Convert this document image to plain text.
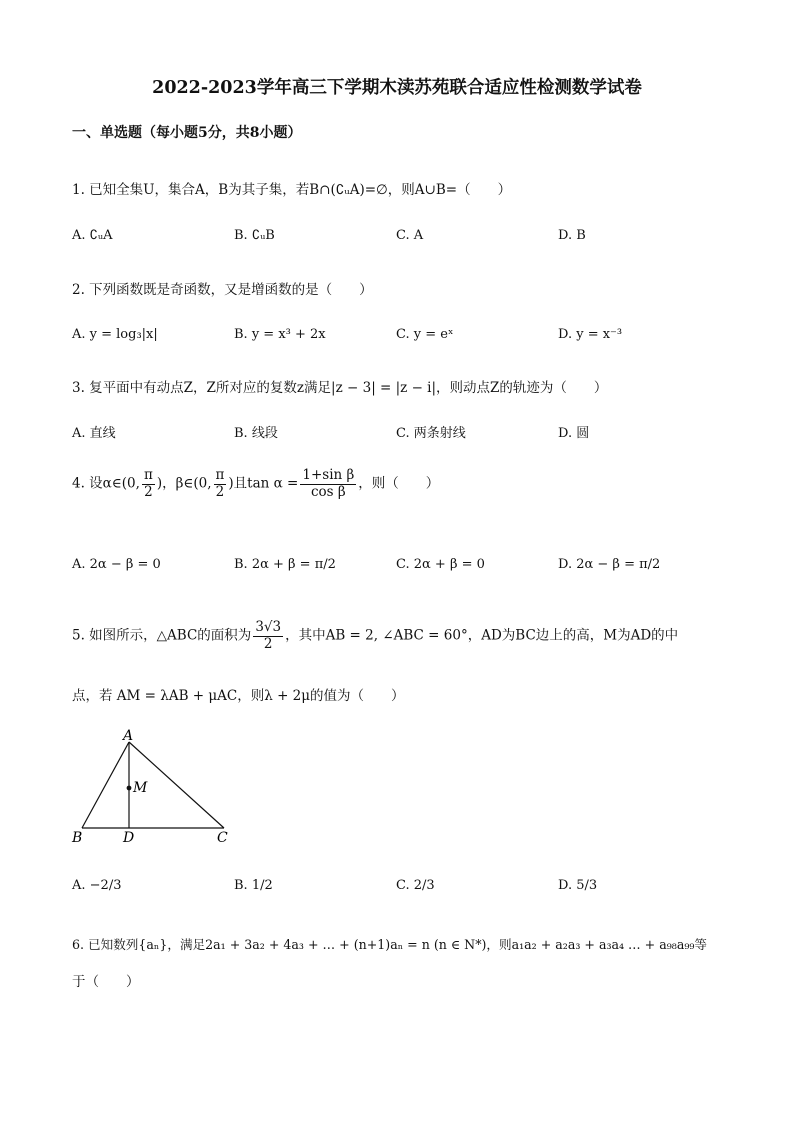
2022-2023学年高三下学期木渎苏苑联合适应性检测数学试卷
一、单选题（每小题5分，共8小题）
1. 已知全集U，集合A，B为其子集，若B∩(∁ᵤA)=∅，则A∪B=（　　）
A. ∁ᵤA	B. ∁ᵤB	C. A	D. B
2. 下列函数既是奇函数，又是增函数的是（　　）
A. y = log₃|x|	B. y = x³ + 2x	C. y = eˣ	D. y = x⁻³
3. 复平面中有动点Z，Z所对应的复数z满足|z − 3| = |z − i|，则动点Z的轨迹为（　　）
A. 直线	B. 线段	C. 两条射线	D. 圆
4. 设α∈(0, $\frac{\pi}{2}$ )，β∈(0, $\frac{\pi}{2}$ )且$\tan \alpha = \frac{\text{1+sin β}}{\text{cos β}}$ ，则（　　）
A. 2α − β = 0	B. 2α + β = π/2	C. 2α + β = 0	D. 2α − β = π/2
5. 如图所示，△ABC的面积为 $\frac{3√3}{2}$ ，其中AB = 2, ∠ABC = 60°，AD为BC边上的高，M为AD的中
点，若 AM = λAB + μAC，则λ + 2μ的值为（　　）
A
M
B	D	C
A. −2/3	B. 1/2	C. 2/3	D. 5/3
6. 已知数列{aₙ}，满足2a₁ + 3a₂ + 4a₃ + … + (n+1)aₙ = n (n ∈ N*)，则a₁a₂ + a₂a₃ + a₃a₄ … + a₉₈a₉₉等
于（　　）
